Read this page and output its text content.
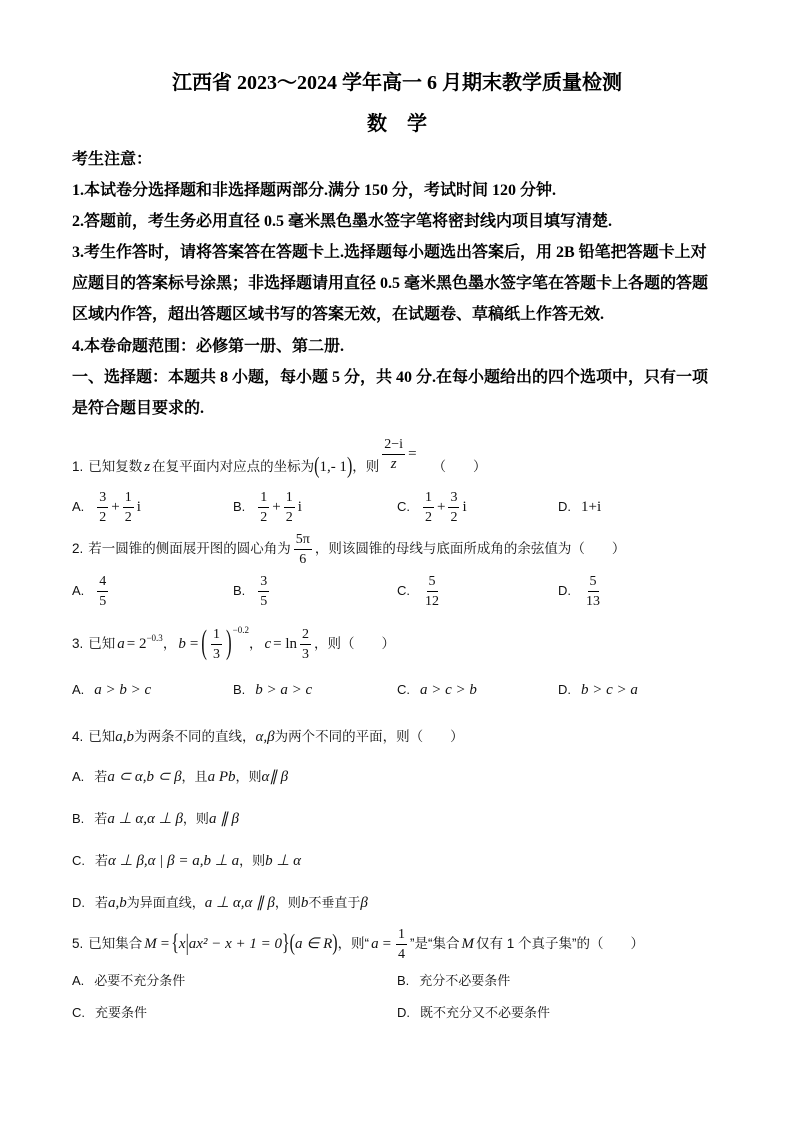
江西省 2023～2024 学年高一 6 月期末教学质量检测
数　学
考生注意：
1.本试卷分选择题和非选择题两部分.满分 150 分，考试时间 120 分钟.
2.答题前，考生务必用直径 0.5 毫米黑色墨水签字笔将密封线内项目填写清楚.
3.考生作答时，请将答案答在答题卡上.选择题每小题选出答案后，用 2B 铅笔把答题卡上对
应题目的答案标号涂黑；非选择题请用直径 0.5 毫米黑色墨水签字笔在答题卡上各题的答题
区域内作答，超出答题区域书写的答案无效，在试题卷、草稿纸上作答无效.
4.本卷命题范围：必修第一册、第二册.
一、选择题：本题共 8 小题，每小题 5 分，共 40 分.在每小题给出的四个选项中，只有一项
是符合题目要求的.
1. 已知复数 z 在复平面内对应点的坐标为(1,- 1)，则 $\frac{2-i}{z}$ =（　　）
A. $\frac{3}{2} + \frac{1}{2}$ i	B. $\frac{1}{2} + \frac{1}{2}$ i	C. $\frac{1}{2} + \frac{3}{2}$ i	D. 1+i
2. 若一圆锥的侧面展开图的圆心角为 $\frac{5\pi}{6}$ ，则该圆锥的母线与底面所成角的余弦值为（　　）
A. $\frac{4}{5}$	B. $\frac{3}{5}$	C. $\frac{5}{12}$	D. $\frac{5}{13}$
3. 已知 $a = 2^{-0.3}$， b = ( $\frac{1}{3} )^{-0.2}$， $c = \ln \frac{2}{3}$ ，则（　　）
A. a > b > c	B. b > a > c	C. a > c > b	D. b > c > a
4. 已知a,b为两条不同的直线，α,β为两个不同的平面，则（　　）
A. 若a ⊂ α,b ⊂ β，且a Pb，则α∥ β
B. 若a ⊥ α,α ⊥ β，则a ∥ β
C. 若α ⊥ β,α | β = a,b ⊥ a，则b ⊥ α
D. 若a,b为异面直线，a ⊥ α,α ∥ β，则b不垂直于β
5. 已知集合 M = {x|ax² − x + 1 = 0}(a ∈ R)，则“ $a = \frac{1}{4}$ ”是“集合 M 仅有 1 个真子集”的（　　）
A. 必要不充分条件	B. 充分不必要条件
C. 充要条件	D. 既不充分又不必要条件
